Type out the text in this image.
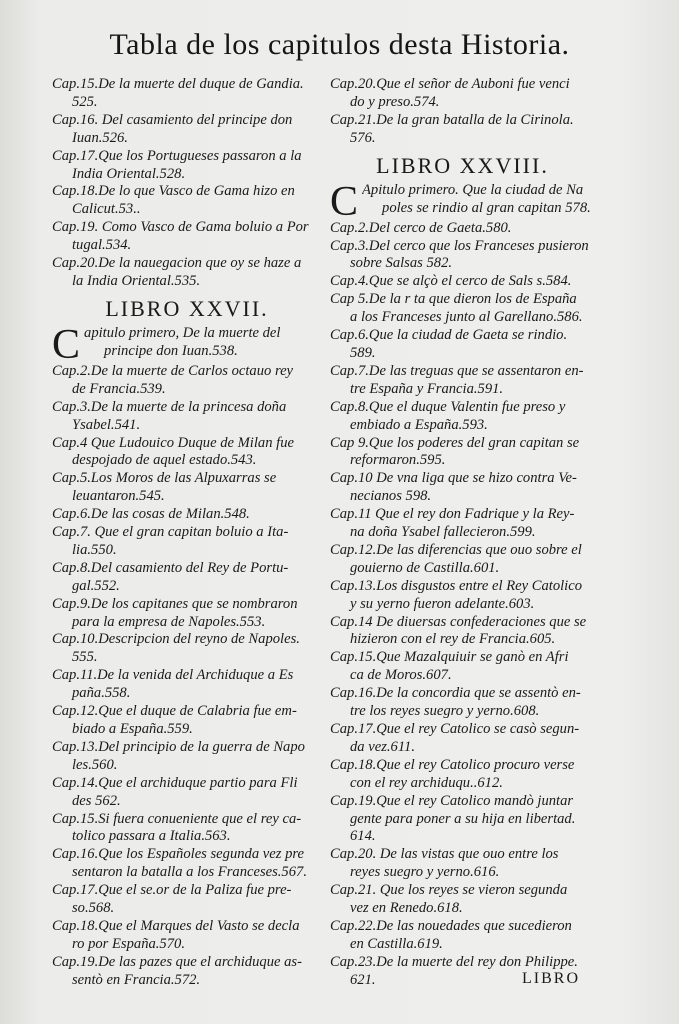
Tabla de los capitulos desta Historia.
Cap.15.De la muerte del duque de Gandia.
525.
Cap.16. Del casamiento del principe don
Iuan.526.
Cap.17.Que los Portugueses passaron a la
India Oriental.528.
Cap.18.De lo que Vasco de Gama hizo en
Calicut.53..
Cap.19. Como Vasco de Gama boluio a Por
tugal.534.
Cap.20.De la nauegacion que oy se haze a
la India Oriental.535.
LIBRO XXVII.
C apitulo primero, De la muerte del
principe don Iuan.538.
Cap.2.De la muerte de Carlos octauo rey
de Francia.539.
Cap.3.De la muerte de la princesa doña
Ysabel.541.
Cap.4 Que Ludouico Duque de Milan fue
despojado de aquel estado.543.
Cap.5.Los Moros de las Alpuxarras se
leuantaron.545.
Cap.6.De las cosas de Milan.548.
Cap.7. Que el gran capitan boluio a Ita-
lia.550.
Cap.8.Del casamiento del Rey de Portu-
gal.552.
Cap.9.De los capitanes que se nombraron
para la empresa de Napoles.553.
Cap.10.Descripcion del reyno de Napoles.
555.
Cap.11.De la venida del Archiduque a Es
paña.558.
Cap.12.Que el duque de Calabria fue em-
biado a España.559.
Cap.13.Del principio de la guerra de Napo
les.560.
Cap.14.Que el archiduque partio para Fli
des 562.
Cap.15.Si fuera conueniente que el rey ca-
tolico passara a Italia.563.
Cap.16.Que los Españoles segunda vez pre
sentaron la batalla a los Franceses.567.
Cap.17.Que el se.or de la Paliza fue pre-
so.568.
Cap.18.Que el Marques del Vasto se decla
ro por España.570.
Cap.19.De las pazes que el archiduque as-
sentò en Francia.572.
Cap.20.Que el señor de Auboni fue venci
do y preso.574.
Cap.21.De la gran batalla de la Cirinola.
576.
LIBRO XXVIII.
C Apitulo primero. Que la ciudad de Na
poles se rindio al gran capitan 578.
Cap.2.Del cerco de Gaeta.580.
Cap.3.Del cerco que los Franceses pusieron
sobre Salsas 582.
Cap.4.Que se alçò el cerco de Sals s.584.
Cap 5.De la r ta que dieron los de España
a los Franceses junto al Garellano.586.
Cap.6.Que la ciudad de Gaeta se rindio.
589.
Cap.7.De las treguas que se assentaron en-
tre España y Francia.591.
Cap.8.Que el duque Valentin fue preso y
embiado a España.593.
Cap 9.Que los poderes del gran capitan se
reformaron.595.
Cap.10 De vna liga que se hizo contra Ve-
necianos 598.
Cap.11 Que el rey don Fadrique y la Rey-
na doña Ysabel fallecieron.599.
Cap.12.De las diferencias que ouo sobre el
gouierno de Castilla.601.
Cap.13.Los disgustos entre el Rey Catolico
y su yerno fueron adelante.603.
Cap.14 De diuersas confederaciones que se
hizieron con el rey de Francia.605.
Cap.15.Que Mazalquiuir se ganò en Afri
ca de Moros.607.
Cap.16.De la concordia que se assentò en-
tre los reyes suegro y yerno.608.
Cap.17.Que el rey Catolico se casò segun-
da vez.611.
Cap.18.Que el rey Catolico procuro verse
con el rey archiduqu..612.
Cap.19.Que el rey Catolico mandò juntar
gente para poner a su hija en libertad.
614.
Cap.20. De las vistas que ouo entre los
reyes suegro y yerno.616.
Cap.21. Que los reyes se vieron segunda
vez en Renedo.618.
Cap.22.De las nouedades que sucedieron
en Castilla.619.
Cap.23.De la muerte del rey don Philippe.
621.	LIBRO
